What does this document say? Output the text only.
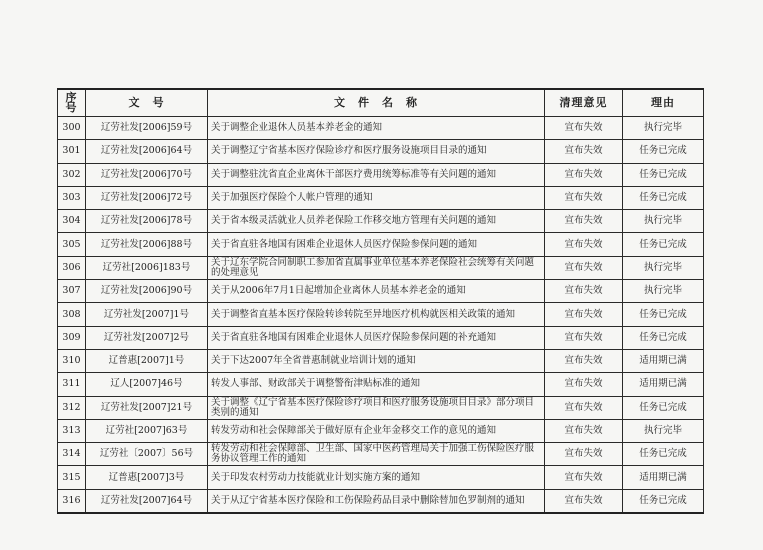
序号	文　号	文　件　名　称	清理意见	理由
300	辽劳社发[2006]59号	关于调整企业退休人员基本养老金的通知	宣布失效	执行完毕
301	辽劳社发[2006]64号	关于调整辽宁省基本医疗保险诊疗和医疗服务设施项目目录的通知	宣布失效	任务已完成
302	辽劳社发[2006]70号	关于调整驻沈省直企业离休干部医疗费用统筹标准等有关问题的通知	宣布失效	任务已完成
303	辽劳社发[2006]72号	关于加强医疗保险个人帐户管理的通知	宣布失效	任务已完成
304	辽劳社发[2006]78号	关于省本级灵活就业人员养老保险工作移交地方管理有关问题的通知	宣布失效	执行完毕
305	辽劳社发[2006]88号	关于省直驻各地国有困难企业退休人员医疗保险参保问题的通知	宣布失效	任务已完成
306	辽劳社[2006]183号	关于辽东学院合同制职工参加省直属事业单位基本养老保险社会统筹有关问题的处理意见	宣布失效	执行完毕
307	辽劳社发[2006]90号	关于从2006年7月1日起增加企业离休人员基本养老金的通知	宣布失效	执行完毕
308	辽劳社发[2007]1号	关于调整省直基本医疗保险转诊转院至异地医疗机构就医相关政策的通知	宣布失效	任务已完成
309	辽劳社发[2007]2号	关于省直驻各地国有困难企业退休人员医疗保险参保问题的补充通知	宣布失效	任务已完成
310	辽普惠[2007]1号	关于下达2007年全省普惠制就业培训计划的通知	宣布失效	适用期已满
311	辽人[2007]46号	转发人事部、财政部关于调整警衔津贴标准的通知	宣布失效	适用期已满
312	辽劳社发[2007]21号	关于调整《辽宁省基本医疗保险诊疗项目和医疗服务设施项目目录》部分项目类别的通知	宣布失效	任务已完成
313	辽劳社[2007]63号	转发劳动和社会保障部关于做好原有企业年金移交工作的意见的通知	宣布失效	执行完毕
314	辽劳社〔2007〕56号	转发劳动和社会保障部、卫生部、国家中医药管理局关于加强工伤保险医疗服务协议管理工作的通知	宣布失效	任务已完成
315	辽普惠[2007]3号	关于印发农村劳动力技能就业计划实施方案的通知	宣布失效	适用期已满
316	辽劳社发[2007]64号	关于从辽宁省基本医疗保险和工伤保险药品目录中删除替加色罗制剂的通知	宣布失效	任务已完成
